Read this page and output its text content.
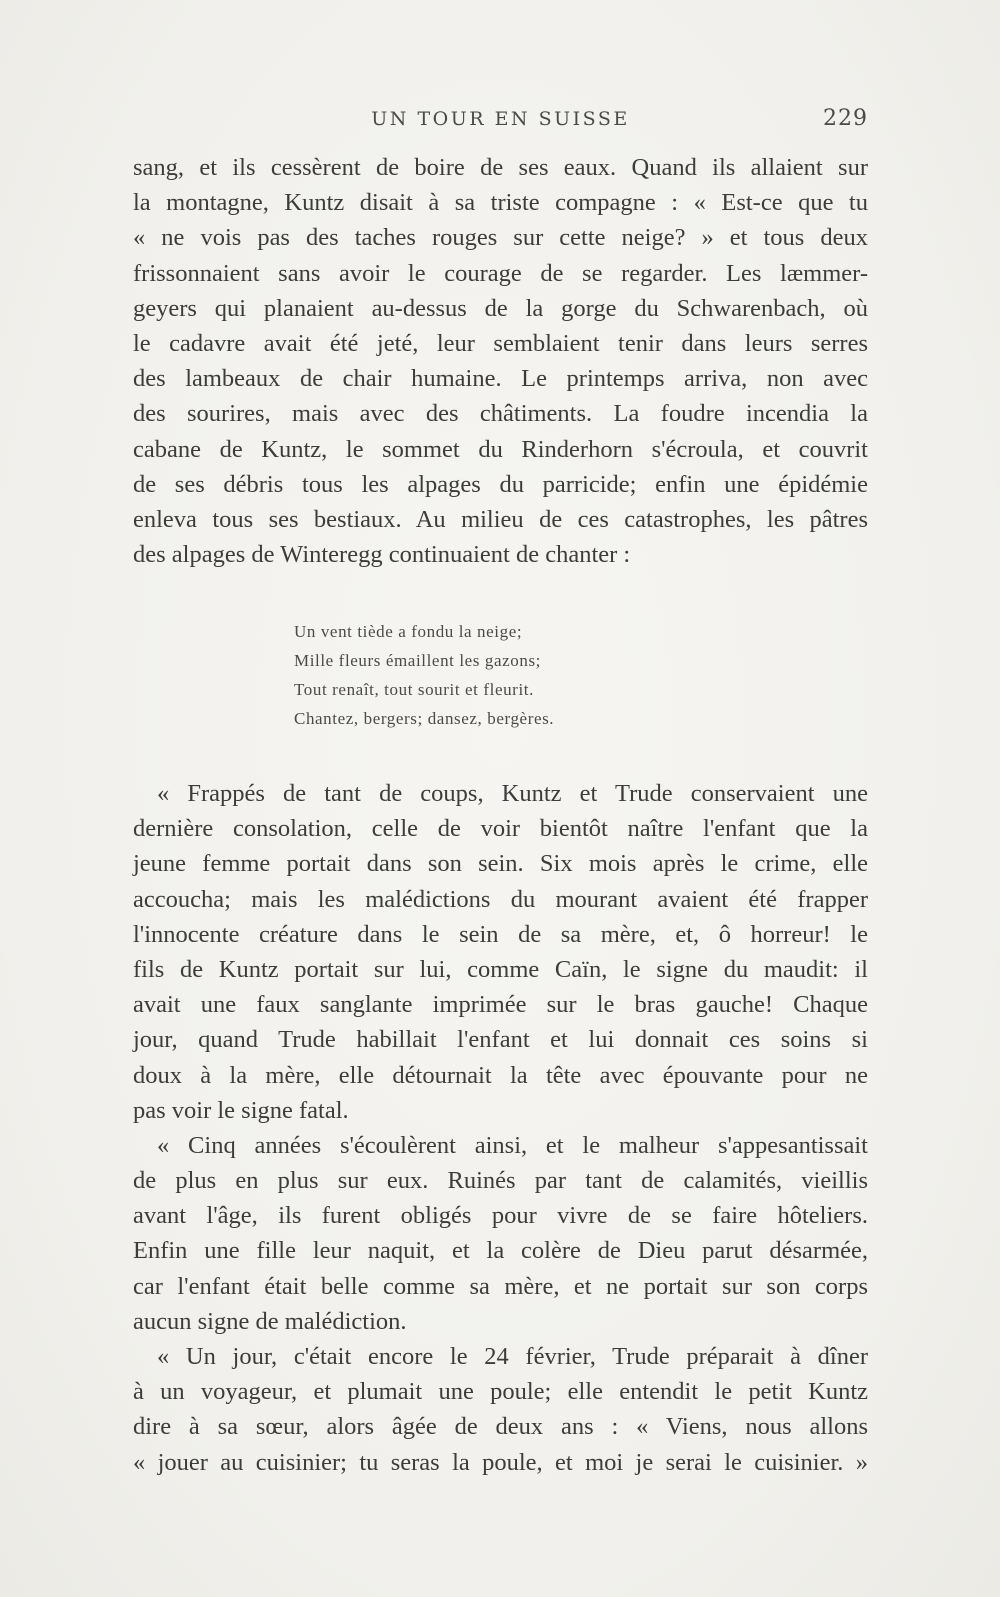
UN TOUR EN SUISSE	229
sang, et ils cessèrent de boire de ses eaux. Quand ils allaient sur
la montagne, Kuntz disait à sa triste compagne : « Est-ce que tu
« ne vois pas des taches rouges sur cette neige? » et tous deux
frissonnaient sans avoir le courage de se regarder. Les læmmer-
geyers qui planaient au-dessus de la gorge du Schwarenbach, où
le cadavre avait été jeté, leur semblaient tenir dans leurs serres
des lambeaux de chair humaine. Le printemps arriva, non avec
des sourires, mais avec des châtiments. La foudre incendia la
cabane de Kuntz, le sommet du Rinderhorn s'écroula, et couvrit
de ses débris tous les alpages du parricide; enfin une épidémie
enleva tous ses bestiaux. Au milieu de ces catastrophes, les pâtres
des alpages de Winteregg continuaient de chanter :
Un vent tiède a fondu la neige;
Mille fleurs émaillent les gazons;
Tout renaît, tout sourit et fleurit.
Chantez, bergers; dansez, bergères.
« Frappés de tant de coups, Kuntz et Trude conservaient une
dernière consolation, celle de voir bientôt naître l'enfant que la
jeune femme portait dans son sein. Six mois après le crime, elle
accoucha; mais les malédictions du mourant avaient été frapper
l'innocente créature dans le sein de sa mère, et, ô horreur! le
fils de Kuntz portait sur lui, comme Caïn, le signe du maudit: il
avait une faux sanglante imprimée sur le bras gauche! Chaque
jour, quand Trude habillait l'enfant et lui donnait ces soins si
doux à la mère, elle détournait la tête avec épouvante pour ne
pas voir le signe fatal.
« Cinq années s'écoulèrent ainsi, et le malheur s'appesantissait
de plus en plus sur eux. Ruinés par tant de calamités, vieillis
avant l'âge, ils furent obligés pour vivre de se faire hôteliers.
Enfin une fille leur naquit, et la colère de Dieu parut désarmée,
car l'enfant était belle comme sa mère, et ne portait sur son corps
aucun signe de malédiction.
« Un jour, c'était encore le 24 février, Trude préparait à dîner
à un voyageur, et plumait une poule; elle entendit le petit Kuntz
dire à sa sœur, alors âgée de deux ans : « Viens, nous allons
« jouer au cuisinier; tu seras la poule, et moi je serai le cuisinier. »
